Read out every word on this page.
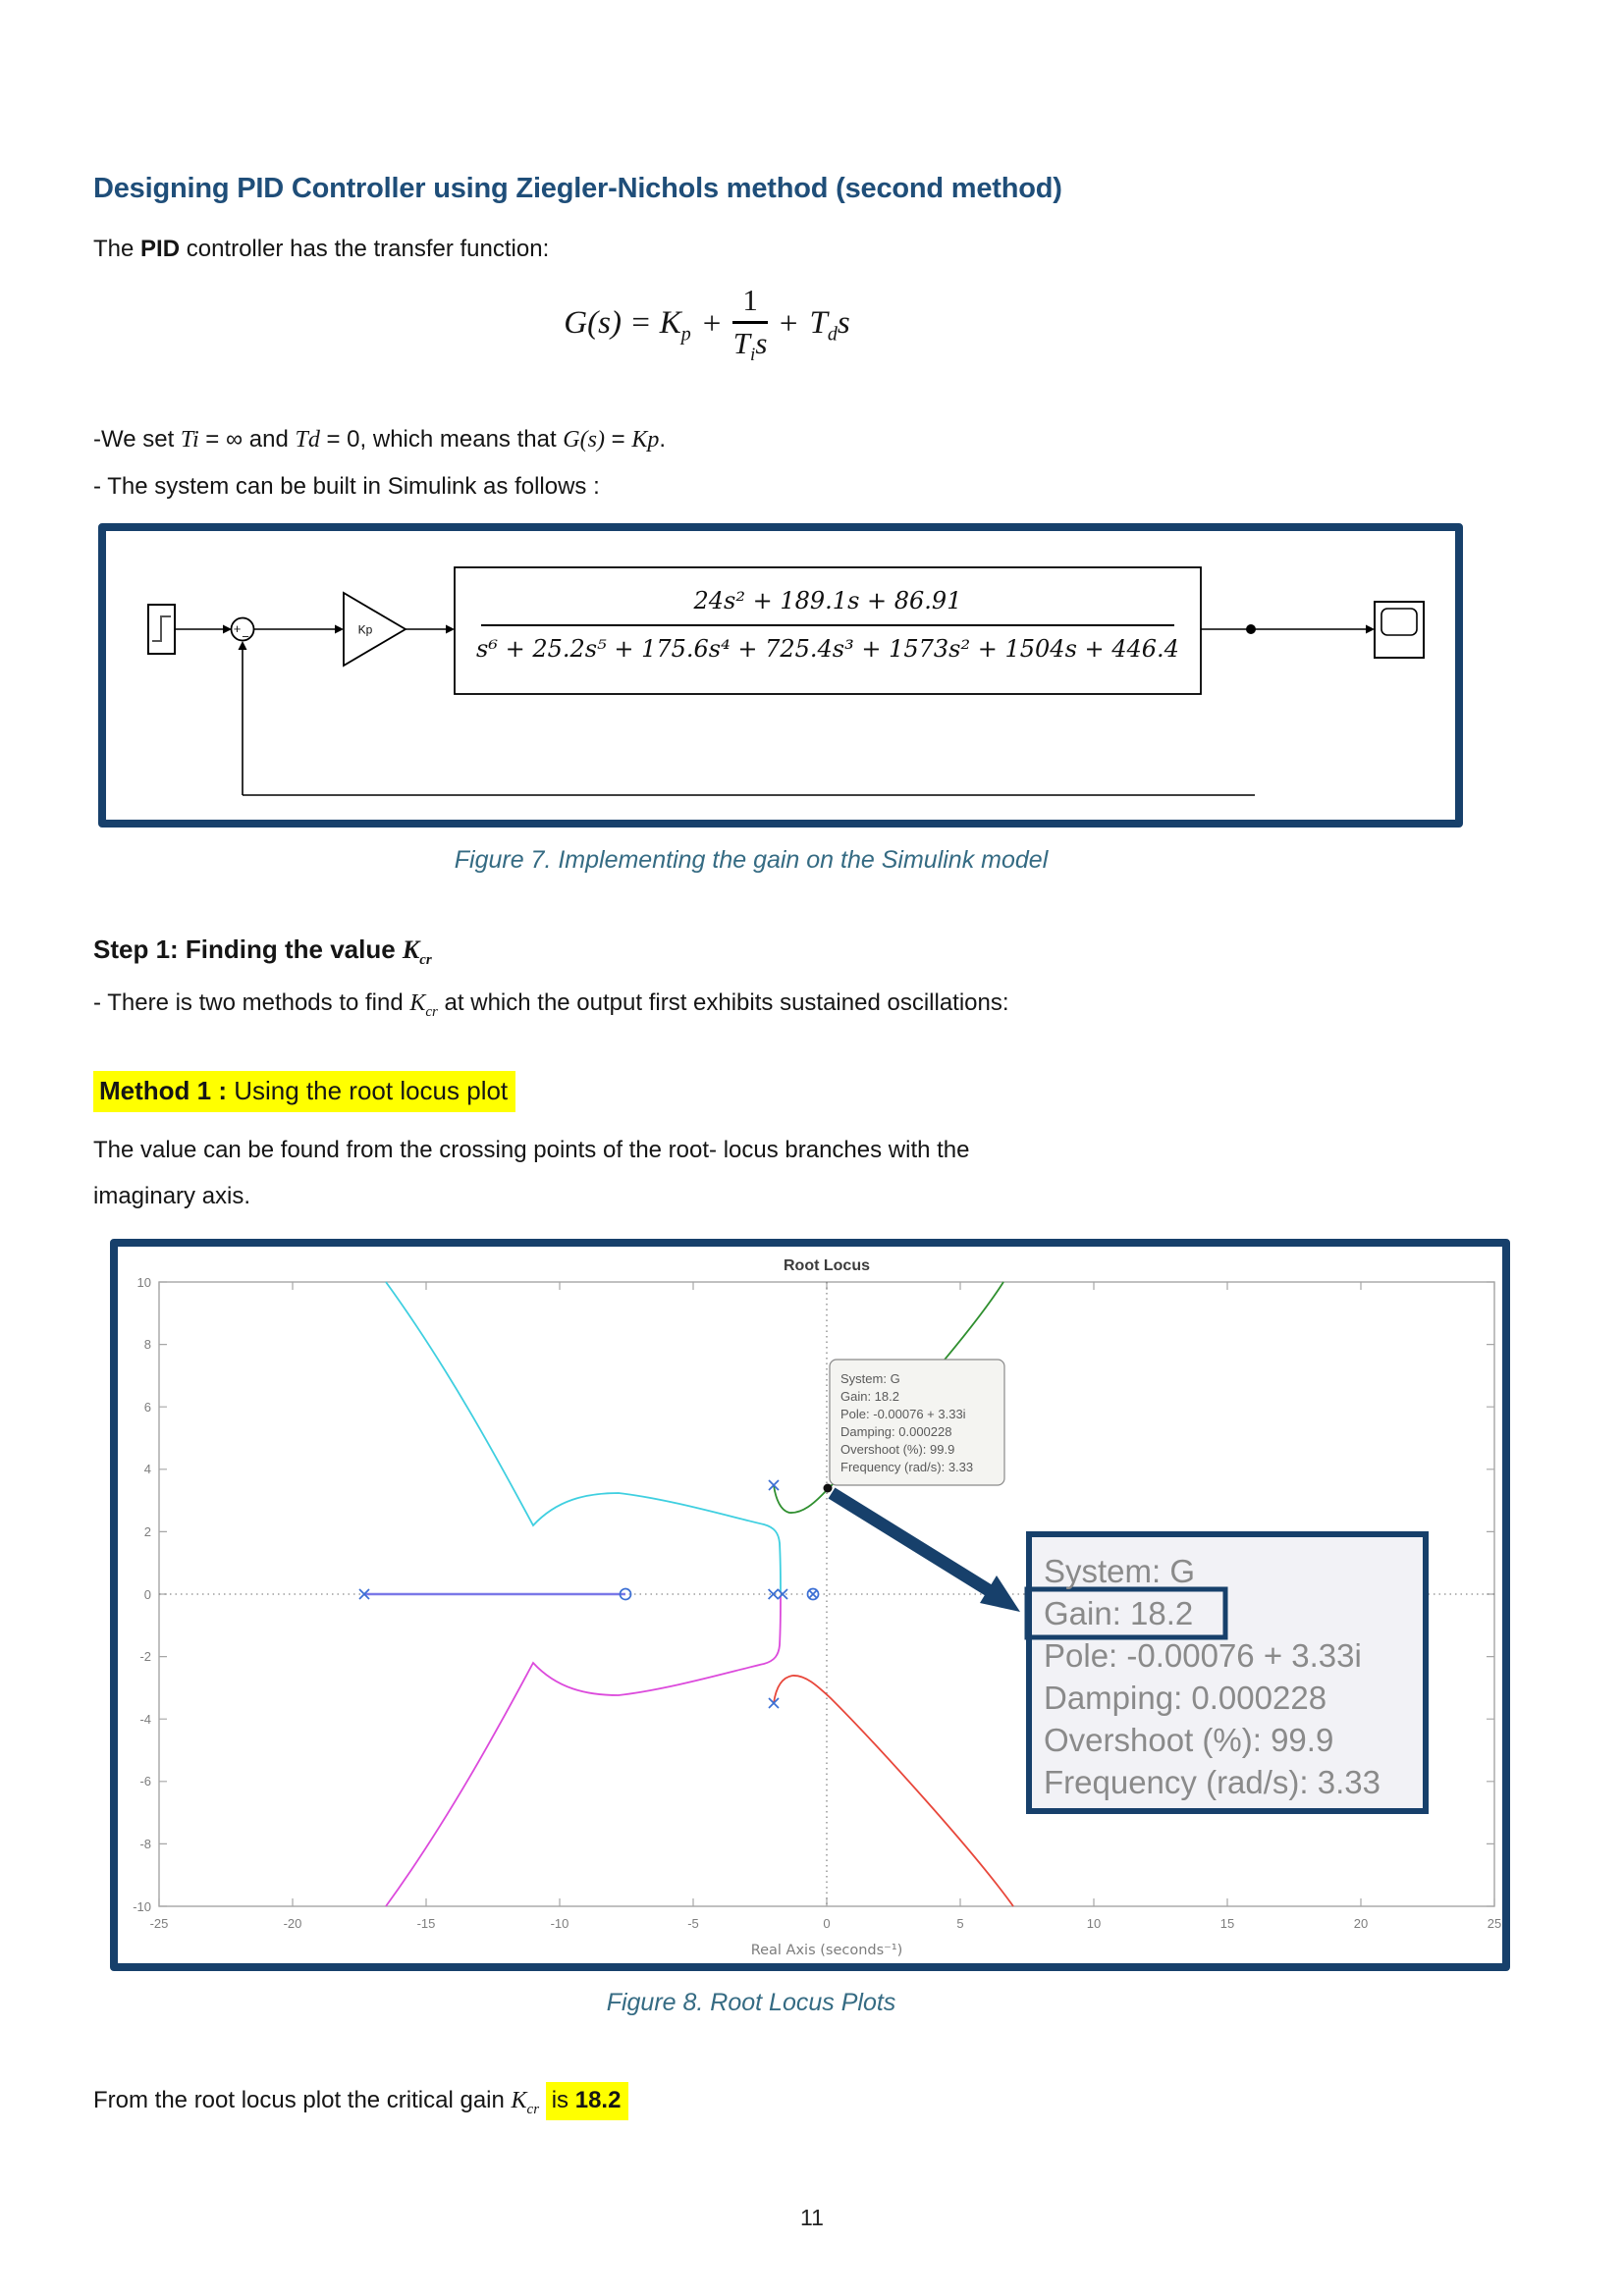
Designing PID Controller using Ziegler-Nichols method (second method)
The PID controller has the transfer function:
$G(s) = K_p + \frac{1}{T_is} + T_ds$
-We set Ti = ∞ and Td = 0, which means that G(s) = Kp.
- The system can be built in Simulink as follows :
+
−	Kp
24s² + 189.1s + 86.91
s⁶ + 25.2s⁵ + 175.6s⁴ + 725.4s³ + 1573s² + 1504s + 446.4
Figure 7. Implementing the gain on the Simulink model
Step 1: Finding the value $K_{cr}$
- There is two methods to find $K_{cr}$ at which the output first exhibits sustained oscillations:
Method 1 : Using the root locus plot
The value can be found from the crossing points of the root- locus branches with the
imaginary axis.
Root Locus
System: G
Gain: 18.2
Pole: -0.00076 + 3.33i
Damping: 0.000228
Overshoot (%): 99.9
Frequency (rad/s): 3.33
System: G
Gain: 18.2
Pole: -0.00076 + 3.33i
Damping: 0.000228
Overshoot (%): 99.9
Frequency (rad/s): 3.33
10
8
6
4
2
0
-2
-4
-6
-8
-10
-25	-20	-15	-10	-5	0	5	10	15	20	25
Real Axis (seconds⁻¹)
Figure 8. Root Locus Plots
From the root locus plot the critical gain $K_{cr}$ is 18.2
11
